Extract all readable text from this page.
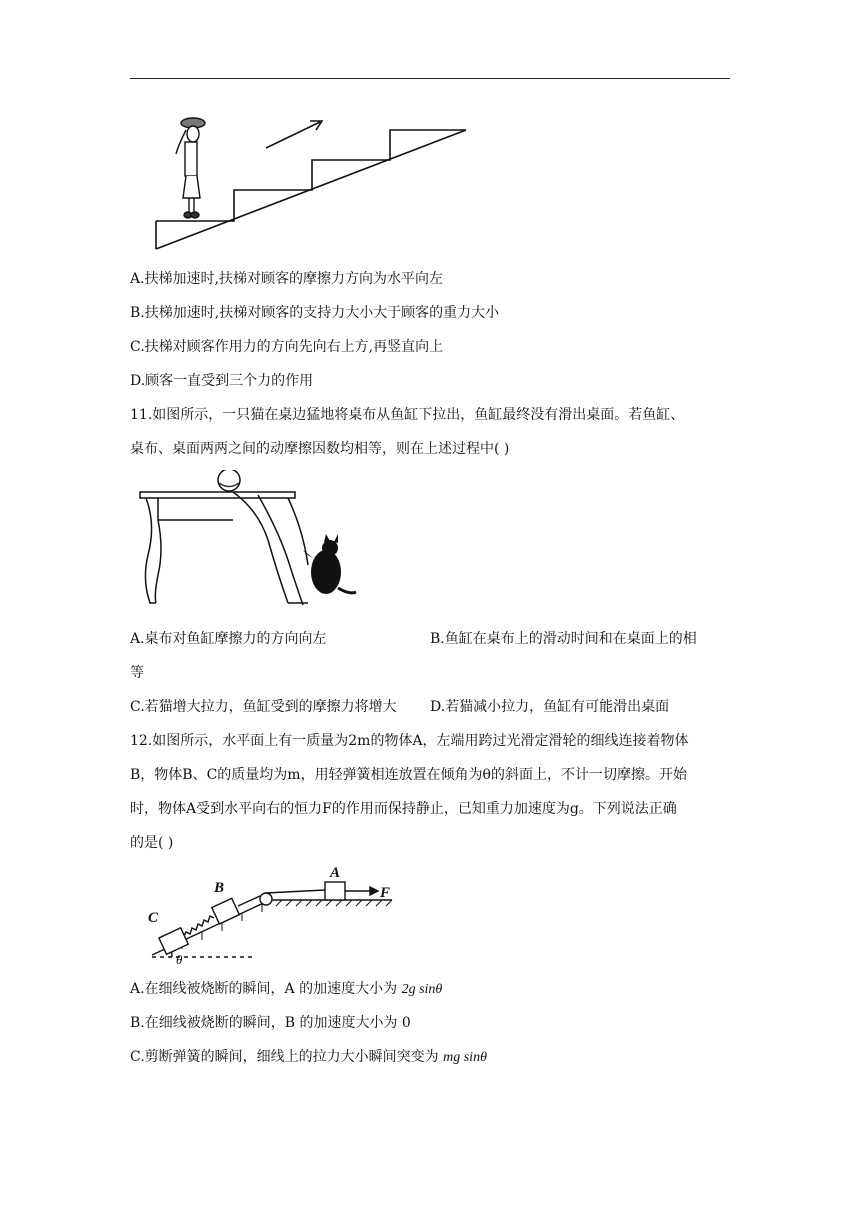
A.扶梯加速时,扶梯对顾客的摩擦力方向为水平向左
B.扶梯加速时,扶梯对顾客的支持力大小大于顾客的重力大小
C.扶梯对顾客作用力的方向先向右上方,再竖直向上
D.顾客一直受到三个力的作用
11.如图所示，一只猫在桌边猛地将桌布从鱼缸下拉出，鱼缸最终没有滑出桌面。若鱼缸、
桌布、桌面两两之间的动摩擦因数均相等，则在上述过程中( )
A.桌布对鱼缸摩擦力的方向向左	B.鱼缸在桌布上的滑动时间和在桌面上的相
等
C.若猫增大拉力，鱼缸受到的摩擦力将增大 D.若猫减小拉力，鱼缸有可能滑出桌面
12.如图所示，水平面上有一质量为2m的物体A，左端用跨过光滑定滑轮的细线连接着物体
B，物体B、C的质量均为m，用轻弹簧相连放置在倾角为θ的斜面上，不计一切摩擦。开始
时，物体A受到水平向右的恒力F的作用而保持静止，已知重力加速度为g。下列说法正确
的是( )
A
F
B
C
θ
A.在细线被烧断的瞬间，A 的加速度大小为 2g sinθ
B.在细线被烧断的瞬间，B 的加速度大小为 0
C.剪断弹簧的瞬间，细线上的拉力大小瞬间突变为 mg sinθ
